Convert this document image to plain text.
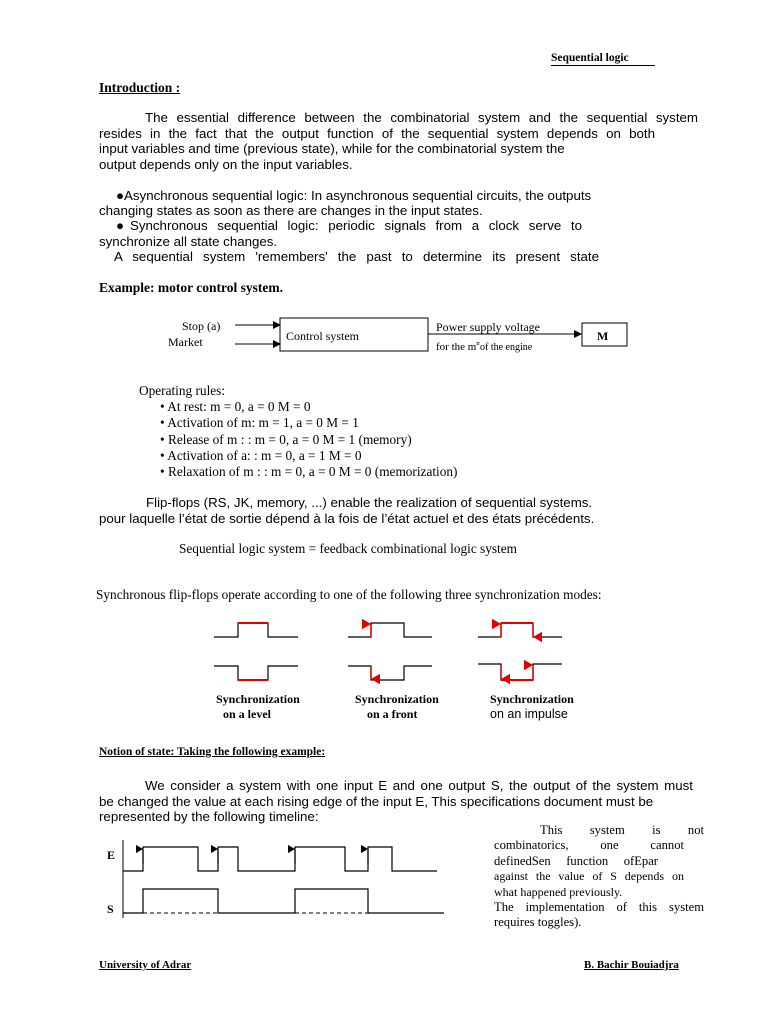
Sequential logic
Introduction :
The essential difference between the combinatorial system and the sequential system
resides in the fact that the output function of the sequential system depends on both
input variables and time (previous state), while for the combinatorial system the
output depends only on the input variables.
●Asynchronous sequential logic: In asynchronous sequential circuits, the outputs
changing states as soon as there are changes in the input states.
●Synchronous sequential logic: periodic signals from a clock serve to
synchronize all state changes.
A sequential system 'remembers' the past to determine its present state
Example: motor control system.
Stop (a)
Market	Control system
Power supply voltage
for the $m^{tr}of$ the engine
M
Operating rules:
• At rest: m = 0, a = 0 M = 0
• Activation of m: m = 1, a = 0 M = 1
• Release of m : : m = 0, a = 0 M = 1 (memory)
• Activation of a: : m = 0, a = 1 M = 0
• Relaxation of m : : m = 0, a = 0 M = 0 (memorization)
Flip-flops (RS, JK, memory, ...) enable the realization of sequential systems.
pour laquelle l’état de sortie dépend à la fois de l’état actuel et des états précédents.
Sequential logic system = feedback combinational logic system
Synchronous flip-flops operate according to one of the following three synchronization modes:
Synchronization
on a level
Synchronization
on a front
Synchronization
on an impulse
Notion of state: Taking the following example:
We consider a system with one input E and one output S, the output of the system must
be changed the value at each rising edge of the input E, This specifications document must be
represented by the following timeline:
E
S
This system is not
combinatorics, one cannot
definedSen function ofEpar
against the value of S depends on
what happened previously.
The implementation of this system
requires toggles).
University of Adrar	B. Bachir Bouiadjra
